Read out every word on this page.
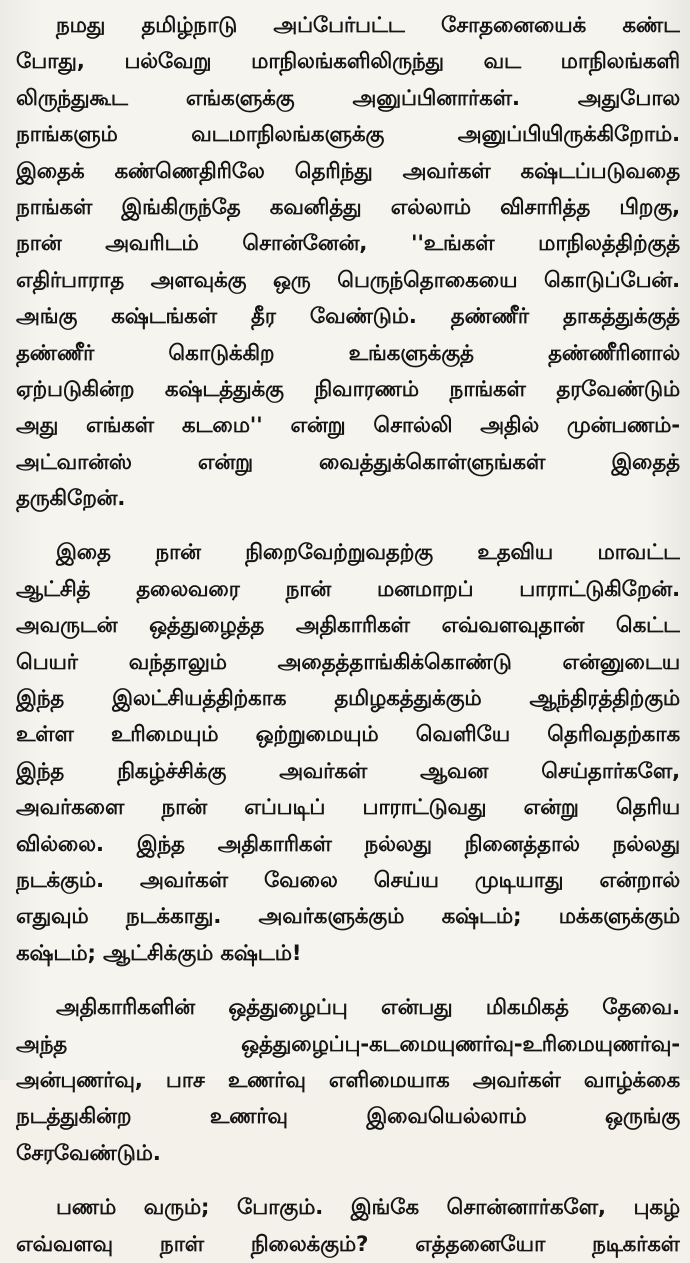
நமது தமிழ்நாடு அப்பேர்பட்ட சோதனையைக் கண்ட
போது, பல்வேறு மாநிலங்களிலிருந்து வட மாநிலங்களி
லிருந்துகூட எங்களுக்கு அனுப்பினார்கள். அதுபோல
நாங்களும் வடமாநிலங்களுக்கு அனுப்பியிருக்கிறோம்.
இதைக் கண்ணெதிரிலே தெரிந்து அவர்கள் கஷ்டப்படுவதை
நாங்கள் இங்கிருந்தே கவனித்து எல்லாம் விசாரித்த பிறகு,
நான் அவரிடம் சொன்னேன், ''உங்கள் மாநிலத்திற்குத்
எதிர்பாராத அளவுக்கு ஒரு பெருந்தொகையை கொடுப்பேன்.
அங்கு கஷ்டங்கள் தீர வேண்டும். தண்ணீர் தாகத்துக்குத்
தண்ணீர் கொடுக்கிற உங்களுக்குத் தண்ணீரினால்
ஏற்படுகின்ற கஷ்டத்துக்கு நிவாரணம் நாங்கள் தரவேண்டும்
அது எங்கள் கடமை'' என்று சொல்லி அதில் முன்பணம்-
அட்வான்ஸ் என்று வைத்துக்கொள்ளுங்கள் இதைத்
தருகிறேன்.
இதை நான் நிறைவேற்றுவதற்கு உதவிய மாவட்ட
ஆட்சித் தலைவரை நான் மனமாறப் பாராட்டுகிறேன்.
அவருடன் ஒத்துழைத்த அதிகாரிகள் எவ்வளவுதான் கெட்ட
பெயர் வந்தாலும் அதைத்தாங்கிக்கொண்டு என்னுடைய
இந்த இலட்சியத்திற்காக தமிழகத்துக்கும் ஆந்திரத்திற்கும்
உள்ள உரிமையும் ஒற்றுமையும் வெளியே தெரிவதற்காக
இந்த நிகழ்ச்சிக்கு அவர்கள் ஆவன செய்தார்களே,
அவர்களை நான் எப்படிப் பாராட்டுவது என்று தெரிய
வில்லை. இந்த அதிகாரிகள் நல்லது நினைத்தால் நல்லது
நடக்கும். அவர்கள் வேலை செய்ய முடியாது என்றால்
எதுவும் நடக்காது. அவர்களுக்கும் கஷ்டம்; மக்களுக்கும்
கஷ்டம்; ஆட்சிக்கும் கஷ்டம்!
அதிகாரிகளின் ஒத்துழைப்பு என்பது மிகமிகத் தேவை.
அந்த ஒத்துழைப்பு-கடமையுணர்வு-உரிமையுணர்வு-
அன்புணர்வு, பாச உணர்வு எளிமையாக அவர்கள் வாழ்க்கை
நடத்துகின்ற உணர்வு இவையெல்லாம் ஒருங்கு
சேரவேண்டும்.
பணம் வரும்; போகும். இங்கே சொன்னார்களே, புகழ்
எவ்வளவு நாள் நிலைக்கும்? எத்தனையோ நடிகர்கள்
